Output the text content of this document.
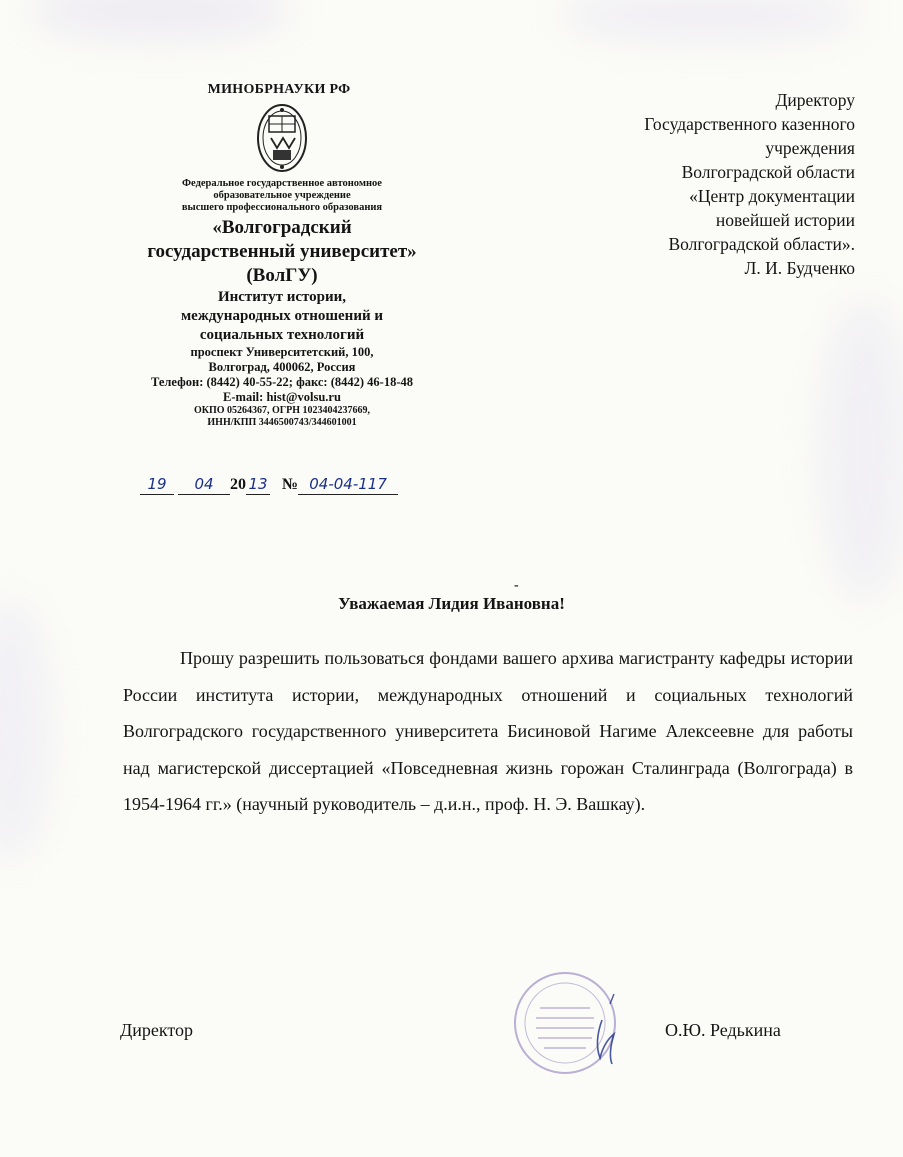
МИНОБРНАУКИ РФ
Федеральное государственное автономное
образовательное учреждение
высшего профессионального образования
«Волгоградский
государственный университет»
(ВолГУ)
Институт истории,
международных отношений и
социальных технологий
проспект Университетский, 100,
Волгоград, 400062, Россия
Телефон: (8442) 40-55-22; факс: (8442) 46-18-48
E-mail: hist@volsu.ru
ОКПО 05264367, ОГРН 1023404237669,
ИНН/КПП 3446500743/344601001
19 04 20 13 № 04-04-117
Директору
Государственного казенного
учреждения
Волгоградской области
«Центр документации
новейшей истории
Волгоградской области».
Л. И. Будченко
-
Уважаемая Лидия Ивановна!

Прошу разрешить пользоваться фондами вашего архива магистранту кафедры истории России института истории, международных отношений и социальных технологий Волгоградского государственного университета Бисиновой Нагиме Алексеевне для работы над магистерской диссертацией «Повседневная жизнь горожан Сталинграда (Волгограда) в 1954-1964 гг.» (научный руководитель – д.и.н., проф. Н. Э. Вашкау).

Директор	О.Ю. Редькина
